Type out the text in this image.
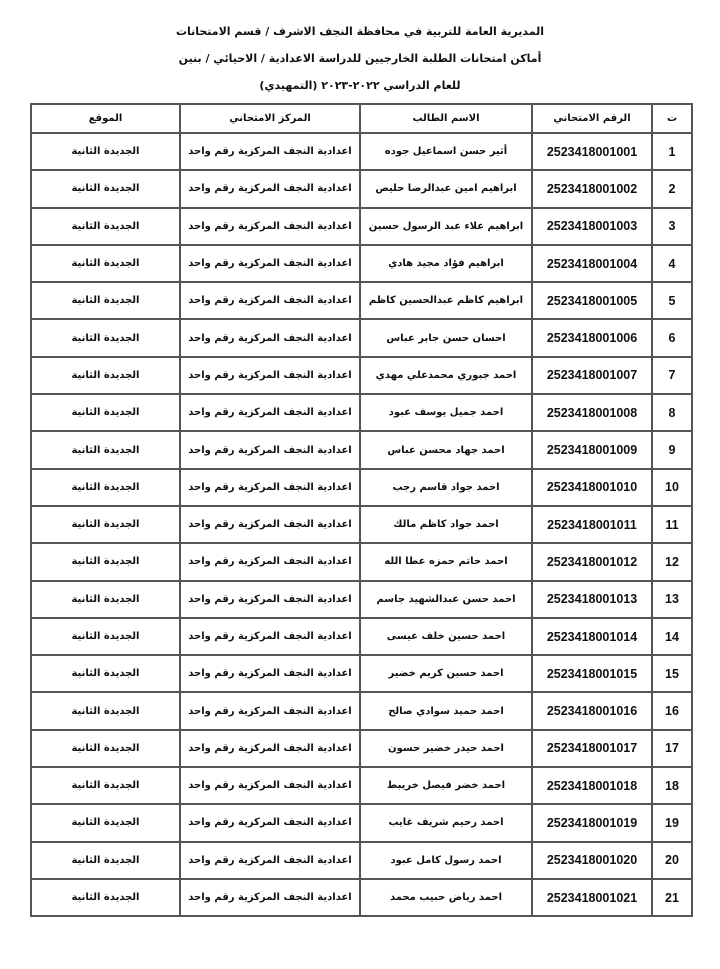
المديرية العامة للتربية في محافظة النجف الاشرف / قسم الامتحانات
أماكن امتحانات الطلبة الخارجيين للدراسة الاعدادية / الاحيائي / بنين
للعام الدراسي ٢٠٢٢-٢٠٢٣ (التمهيدي)
ت	الرقم الامتحاني	الاسم الطالب	المركز الامتحاني	الموقع
1	2523418001001	أثير حسن اسماعيل جوده	اعدادية النجف المركزية رقم واحد	الجديدة الثانية
2	2523418001002	ابراهيم امين عبدالرضا حليص	اعدادية النجف المركزية رقم واحد	الجديدة الثانية
3	2523418001003	ابراهيم علاء عبد الرسول حسين	اعدادية النجف المركزية رقم واحد	الجديدة الثانية
4	2523418001004	ابراهيم فؤاد مجيد هادي	اعدادية النجف المركزية رقم واحد	الجديدة الثانية
5	2523418001005	ابراهيم كاظم عبدالحسين كاظم	اعدادية النجف المركزية رقم واحد	الجديدة الثانية
6	2523418001006	احسان حسن جابر عباس	اعدادية النجف المركزية رقم واحد	الجديدة الثانية
7	2523418001007	احمد جبوري محمدعلي مهدي	اعدادية النجف المركزية رقم واحد	الجديدة الثانية
8	2523418001008	احمد جميل يوسف عبود	اعدادية النجف المركزية رقم واحد	الجديدة الثانية
9	2523418001009	احمد جهاد محسن عباس	اعدادية النجف المركزية رقم واحد	الجديدة الثانية
10	2523418001010	احمد جواد قاسم رجب	اعدادية النجف المركزية رقم واحد	الجديدة الثانية
11	2523418001011	احمد جواد كاظم مالك	اعدادية النجف المركزية رقم واحد	الجديدة الثانية
12	2523418001012	احمد حاتم حمزه عطا الله	اعدادية النجف المركزية رقم واحد	الجديدة الثانية
13	2523418001013	احمد حسن عبدالشهيد جاسم	اعدادية النجف المركزية رقم واحد	الجديدة الثانية
14	2523418001014	احمد حسين خلف عيسى	اعدادية النجف المركزية رقم واحد	الجديدة الثانية
15	2523418001015	احمد حسين كريم خضير	اعدادية النجف المركزية رقم واحد	الجديدة الثانية
16	2523418001016	احمد حميد سوادي صالح	اعدادية النجف المركزية رقم واحد	الجديدة الثانية
17	2523418001017	احمد حيدر خضير حسون	اعدادية النجف المركزية رقم واحد	الجديدة الثانية
18	2523418001018	احمد خضر فيصل خريبط	اعدادية النجف المركزية رقم واحد	الجديدة الثانية
19	2523418001019	احمد رحيم شريف غايب	اعدادية النجف المركزية رقم واحد	الجديدة الثانية
20	2523418001020	احمد رسول كامل عبود	اعدادية النجف المركزية رقم واحد	الجديدة الثانية
21	2523418001021	احمد رياض حبيب محمد	اعدادية النجف المركزية رقم واحد	الجديدة الثانية
